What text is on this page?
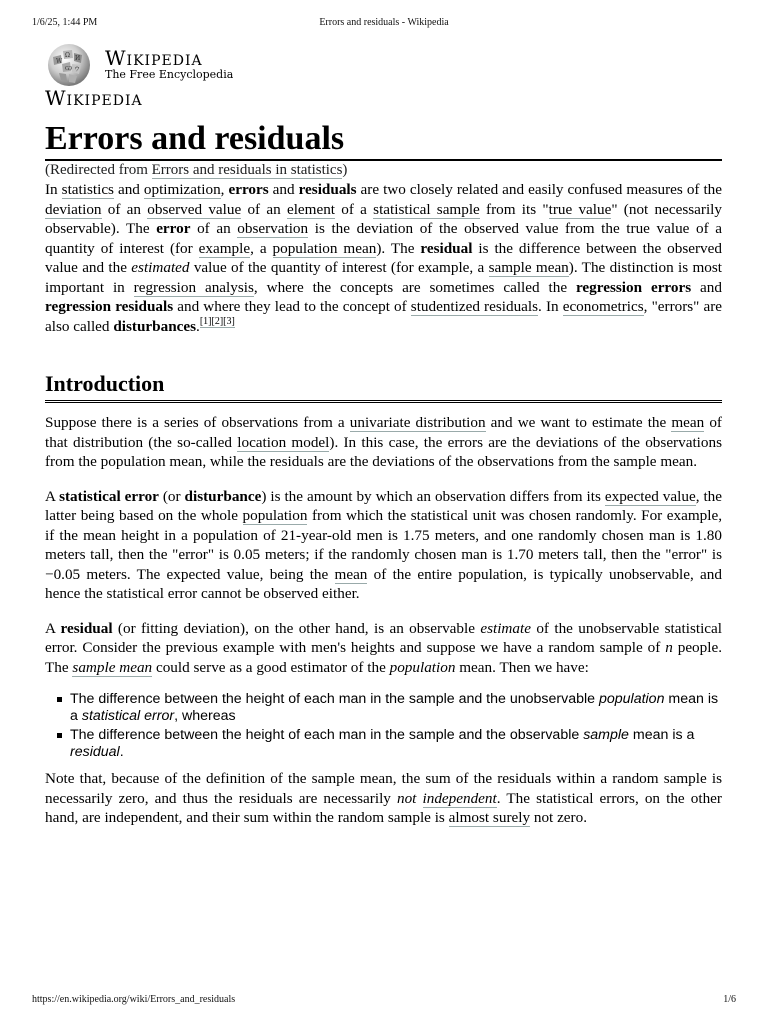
1/6/25, 1:44 PM	Errors and residuals - Wikipedia
Ω
W И
Ѡ ウ Wikipedia
The Free Encyclopedia
Wikipedia
Errors and residuals
(Redirected from Errors and residuals in statistics)

In statistics and optimization, errors and residuals are two closely related and easily confused measures of the deviation of an observed value of an element of a statistical sample from its "true value" (not necessarily observable). The error of an observation is the deviation of the observed value from the true value of a quantity of interest (for example, a population mean). The residual is the difference between the observed value and the estimated value of the quantity of interest (for example, a sample mean). The distinction is most important in regression analysis, where the concepts are sometimes called the regression errors and regression residuals and where they lead to the concept of studentized residuals. In econometrics, "errors" are also called disturbances.[1][2][3]

Introduction

Suppose there is a series of observations from a univariate distribution and we want to estimate the mean of that distribution (the so-called location model). In this case, the errors are the deviations of the observations from the population mean, while the residuals are the deviations of the observations from the sample mean.

A statistical error (or disturbance) is the amount by which an observation differs from its expected value, the latter being based on the whole population from which the statistical unit was chosen randomly. For example, if the mean height in a population of 21-year-old men is 1.75 meters, and one randomly chosen man is 1.80 meters tall, then the "error" is 0.05 meters; if the randomly chosen man is 1.70 meters tall, then the "error" is −0.05 meters. The expected value, being the mean of the entire population, is typically unobservable, and hence the statistical error cannot be observed either.

A residual (or fitting deviation), on the other hand, is an observable estimate of the unobservable statistical error. Consider the previous example with men's heights and suppose we have a random sample of n people. The sample mean could serve as a good estimator of the population mean. Then we have:

The difference between the height of each man in the sample and the unobservable population mean is a statistical error, whereas
The difference between the height of each man in the sample and the observable sample mean is a residual.

Note that, because of the definition of the sample mean, the sum of the residuals within a random sample is necessarily zero, and thus the residuals are necessarily not independent. The statistical errors, on the other hand, are independent, and their sum within the random sample is almost surely not zero.

https://en.wikipedia.org/wiki/Errors_and_residuals	1/6
